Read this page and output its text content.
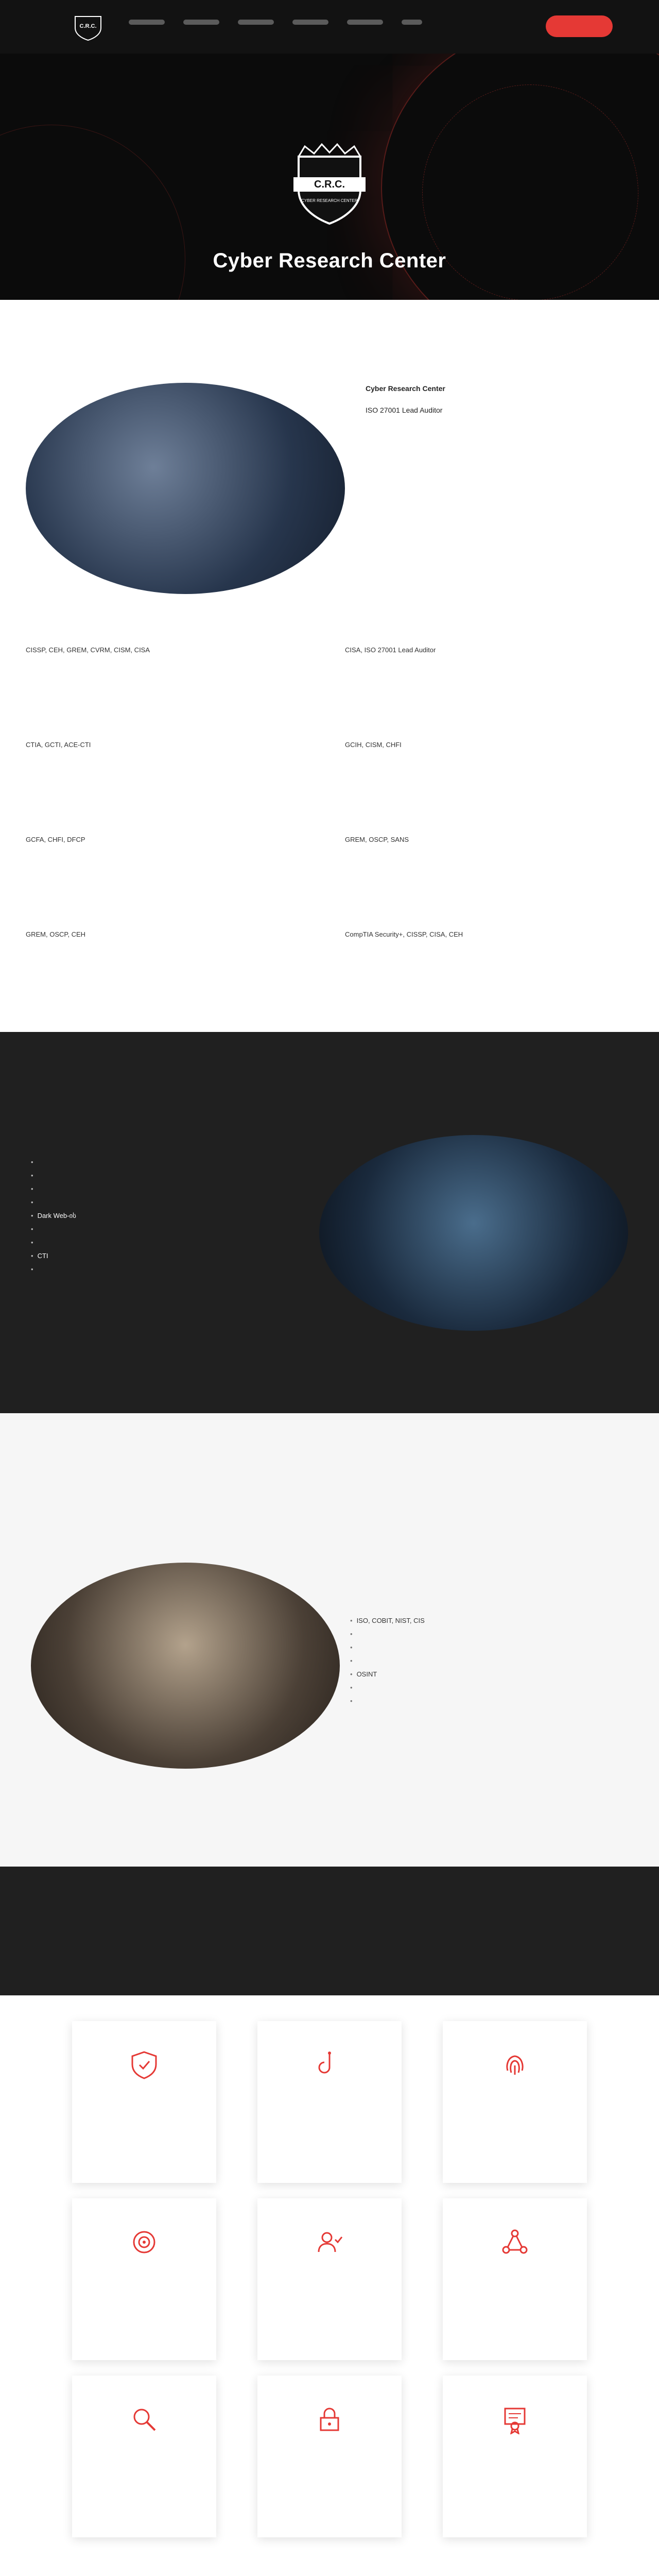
C.R.C.
C.R.C.
CYBER RESEARCH CENTER
Cyber Research Center
Cyber Research Center

ISO 27001 Lead Auditor

CISSP, CEH, GREM, CVRM, CISM, CISA	CISA, ISO 27001 Lead Auditor
CTIA, GCTI, ACE-CTI	GCIH, CISM, CHFI
GCFA, CHFI, DFCP	GREM, OSCP, SANS
GREM, OSCP, CEH	CompTIA Security+, CISSP, CISA, CEH
•
•
•
•
• Dark Web-ის
•
•
• CTI
•
• ISO, COBIT, NIST, CIS
•
•
•
• OSINT
•
•
